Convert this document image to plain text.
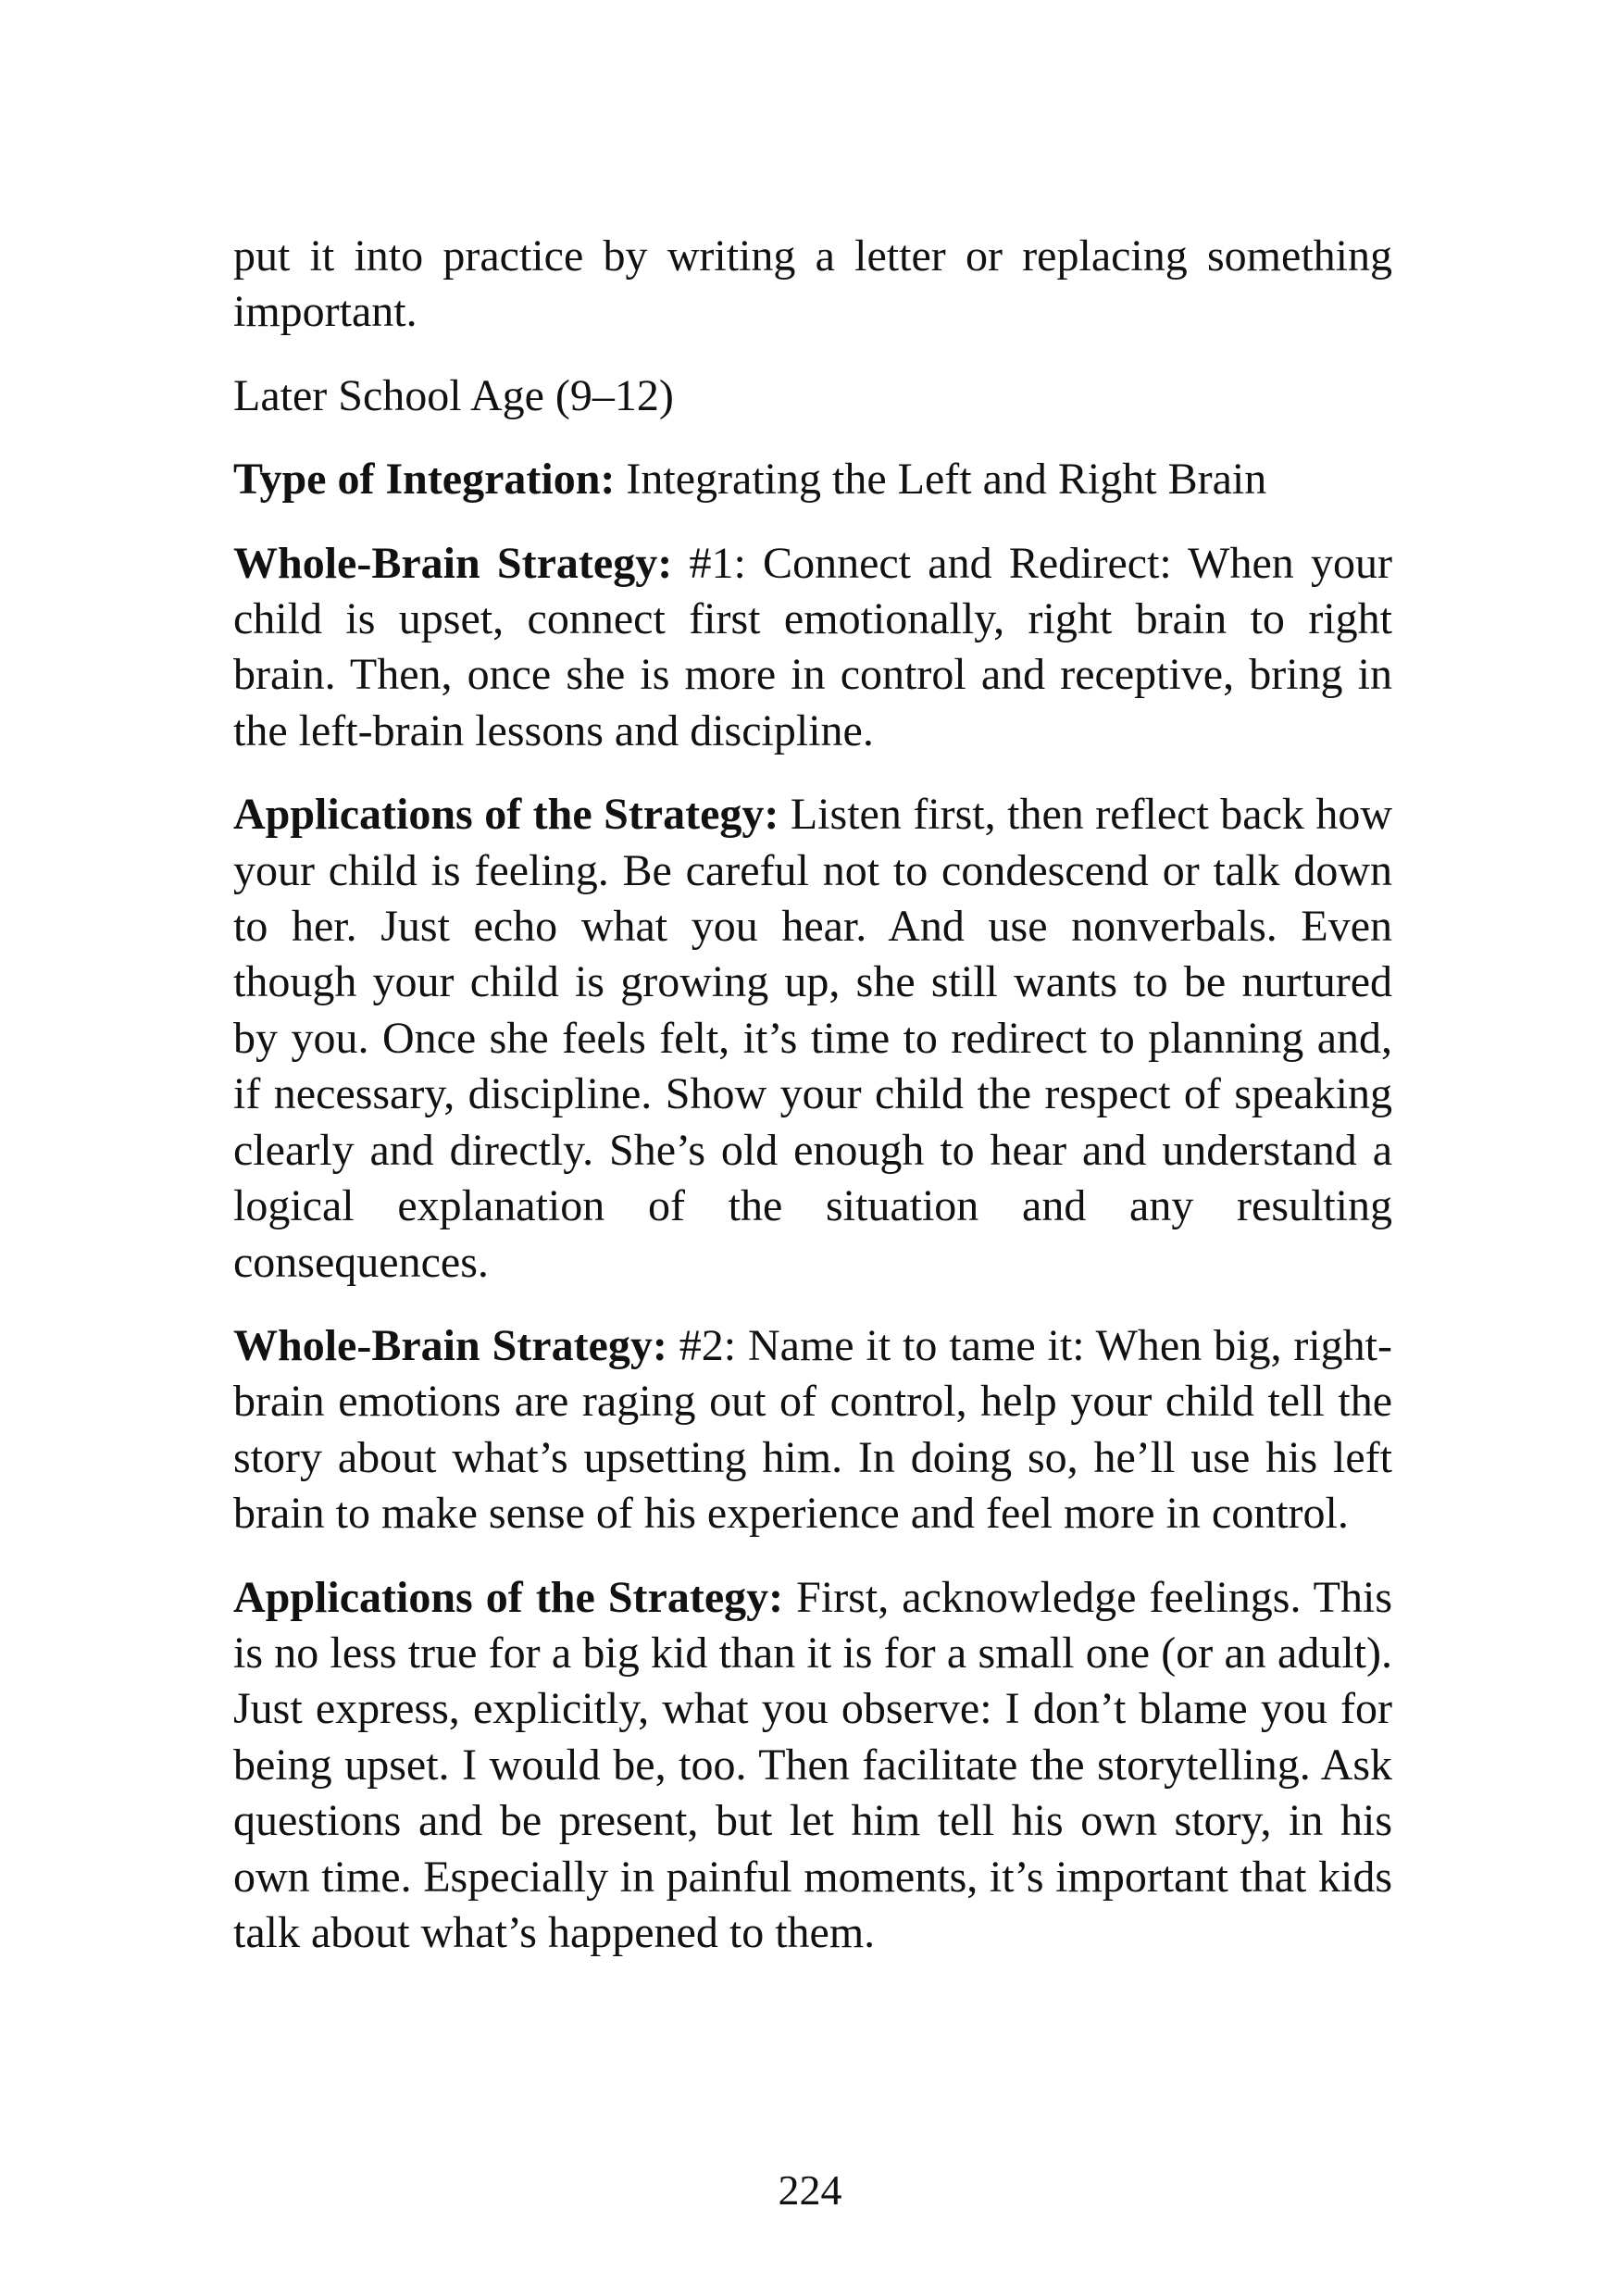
put it into practice by writing a letter or replacing something important.

Later School Age (9–12)

Type of Integration: Integrating the Left and Right Brain

Whole-Brain Strategy: #1: Connect and Redirect: When your child is upset, connect first emotionally, right brain to right brain. Then, once she is more in control and receptive, bring in the left-brain lessons and discipline.

Applications of the Strategy: Listen first, then reflect back how your child is feeling. Be careful not to condescend or talk down to her. Just echo what you hear. And use nonverbals. Even though your child is growing up, she still wants to be nurtured by you. Once she feels felt, it’s time to redirect to planning and, if necessary, discipline. Show your child the respect of speaking clearly and directly. She’s old enough to hear and understand a logical explanation of the situation and any resulting consequences.

Whole-Brain Strategy: #2: Name it to tame it: When big, right-brain emotions are raging out of control, help your child tell the story about what’s upsetting him. In doing so, he’ll use his left brain to make sense of his experience and feel more in control.

Applications of the Strategy: First, acknowledge feelings. This is no less true for a big kid than it is for a small one (or an adult). Just express, explicitly, what you observe: I don’t blame you for being upset. I would be, too. Then facilitate the storytelling. Ask questions and be present, but let him tell his own story, in his own time. Especially in painful moments, it’s important that kids talk about what’s happened to them.

224
